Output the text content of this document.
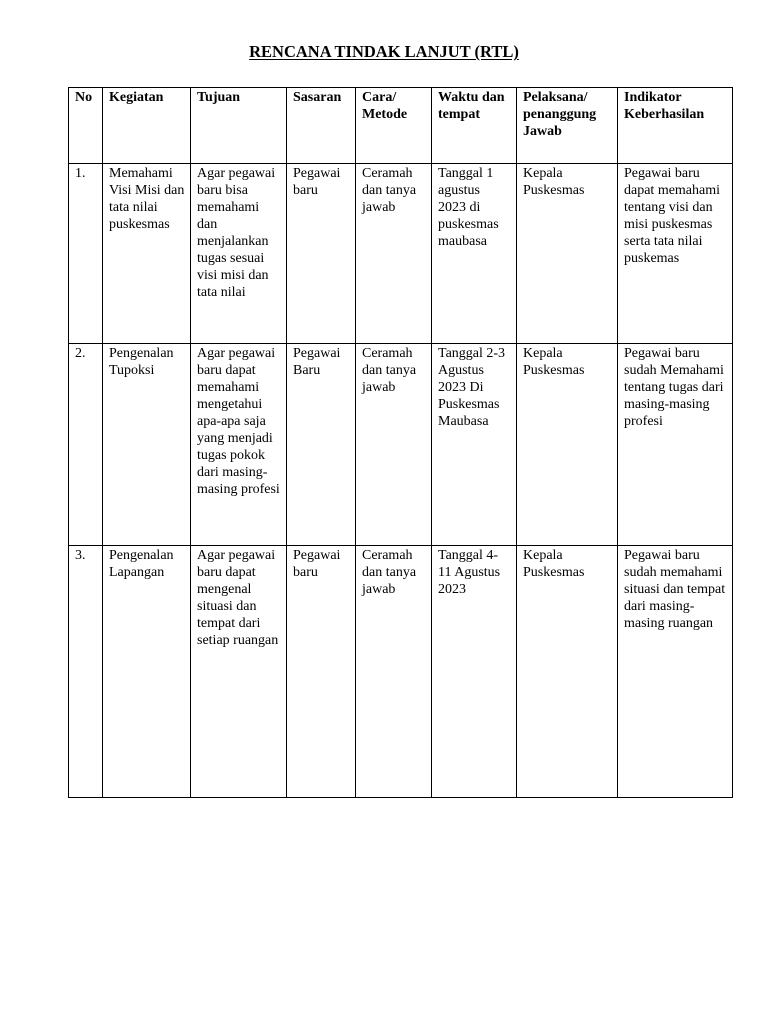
RENCANA TINDAK LANJUT (RTL)
No	Kegiatan	Tujuan	Sasaran	Cara/ Metode	Waktu dan tempat	Pelaksana/ penanggung Jawab	Indikator Keberhasilan
1.	Memahami Visi Misi dan tata nilai puskesmas	Agar pegawai baru bisa memahami dan menjalankan tugas sesuai visi misi dan tata nilai	Pegawai baru	Ceramah dan tanya jawab	Tanggal 1 agustus 2023 di puskesmas maubasa	Kepala Puskesmas	Pegawai baru dapat memahami tentang visi dan misi puskesmas serta tata nilai puskemas
2.	Pengenalan Tupoksi	Agar pegawai baru dapat memahami mengetahui apa-apa saja yang menjadi tugas pokok dari masing-masing profesi	Pegawai Baru	Ceramah dan tanya jawab	Tanggal 2-3 Agustus 2023 Di Puskesmas Maubasa	Kepala Puskesmas	Pegawai baru sudah Memahami tentang tugas dari masing-masing profesi
3.	Pengenalan Lapangan	Agar pegawai baru dapat mengenal situasi dan tempat dari setiap ruangan	Pegawai baru	Ceramah dan tanya jawab	Tanggal 4-11 Agustus 2023	Kepala Puskesmas	Pegawai baru sudah memahami situasi dan tempat dari masing-masing ruangan
